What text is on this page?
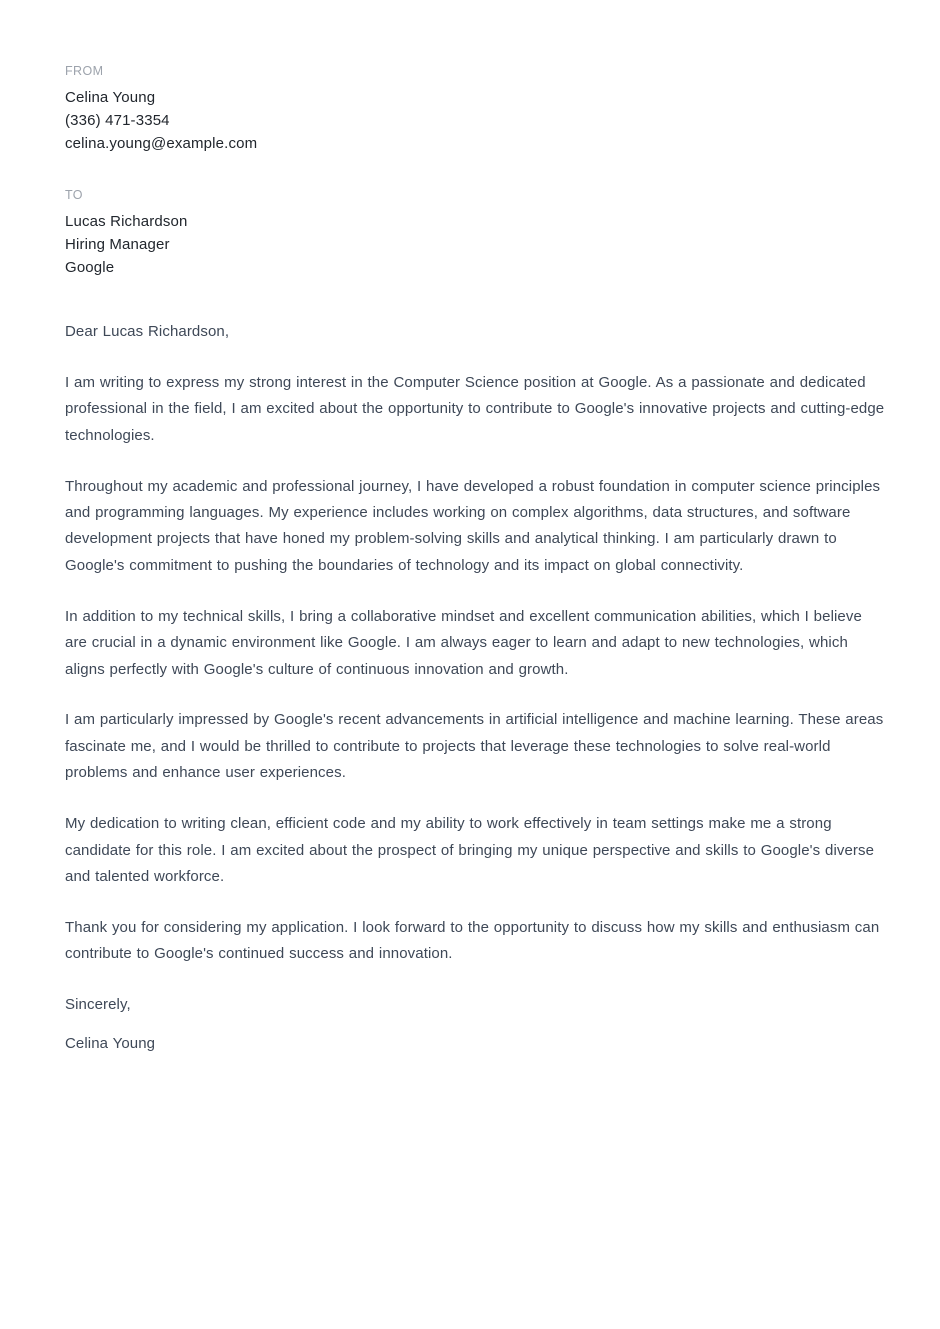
FROM
Celina Young
(336) 471-3354
celina.young@example.com
TO
Lucas Richardson
Hiring Manager
Google

Dear Lucas Richardson,

I am writing to express my strong interest in the Computer Science position at Google. As a passionate and dedicated professional in the field, I am excited about the opportunity to contribute to Google's innovative projects and cutting-edge technologies.

Throughout my academic and professional journey, I have developed a robust foundation in computer science principles and programming languages. My experience includes working on complex algorithms, data structures, and software development projects that have honed my problem-solving skills and analytical thinking. I am particularly drawn to Google's commitment to pushing the boundaries of technology and its impact on global connectivity.

In addition to my technical skills, I bring a collaborative mindset and excellent communication abilities, which I believe are crucial in a dynamic environment like Google. I am always eager to learn and adapt to new technologies, which aligns perfectly with Google's culture of continuous innovation and growth.

I am particularly impressed by Google's recent advancements in artificial intelligence and machine learning. These areas fascinate me, and I would be thrilled to contribute to projects that leverage these technologies to solve real-world problems and enhance user experiences.

My dedication to writing clean, efficient code and my ability to work effectively in team settings make me a strong candidate for this role. I am excited about the prospect of bringing my unique perspective and skills to Google's diverse and talented workforce.

Thank you for considering my application. I look forward to the opportunity to discuss how my skills and enthusiasm can contribute to Google's continued success and innovation.

Sincerely,

Celina Young
